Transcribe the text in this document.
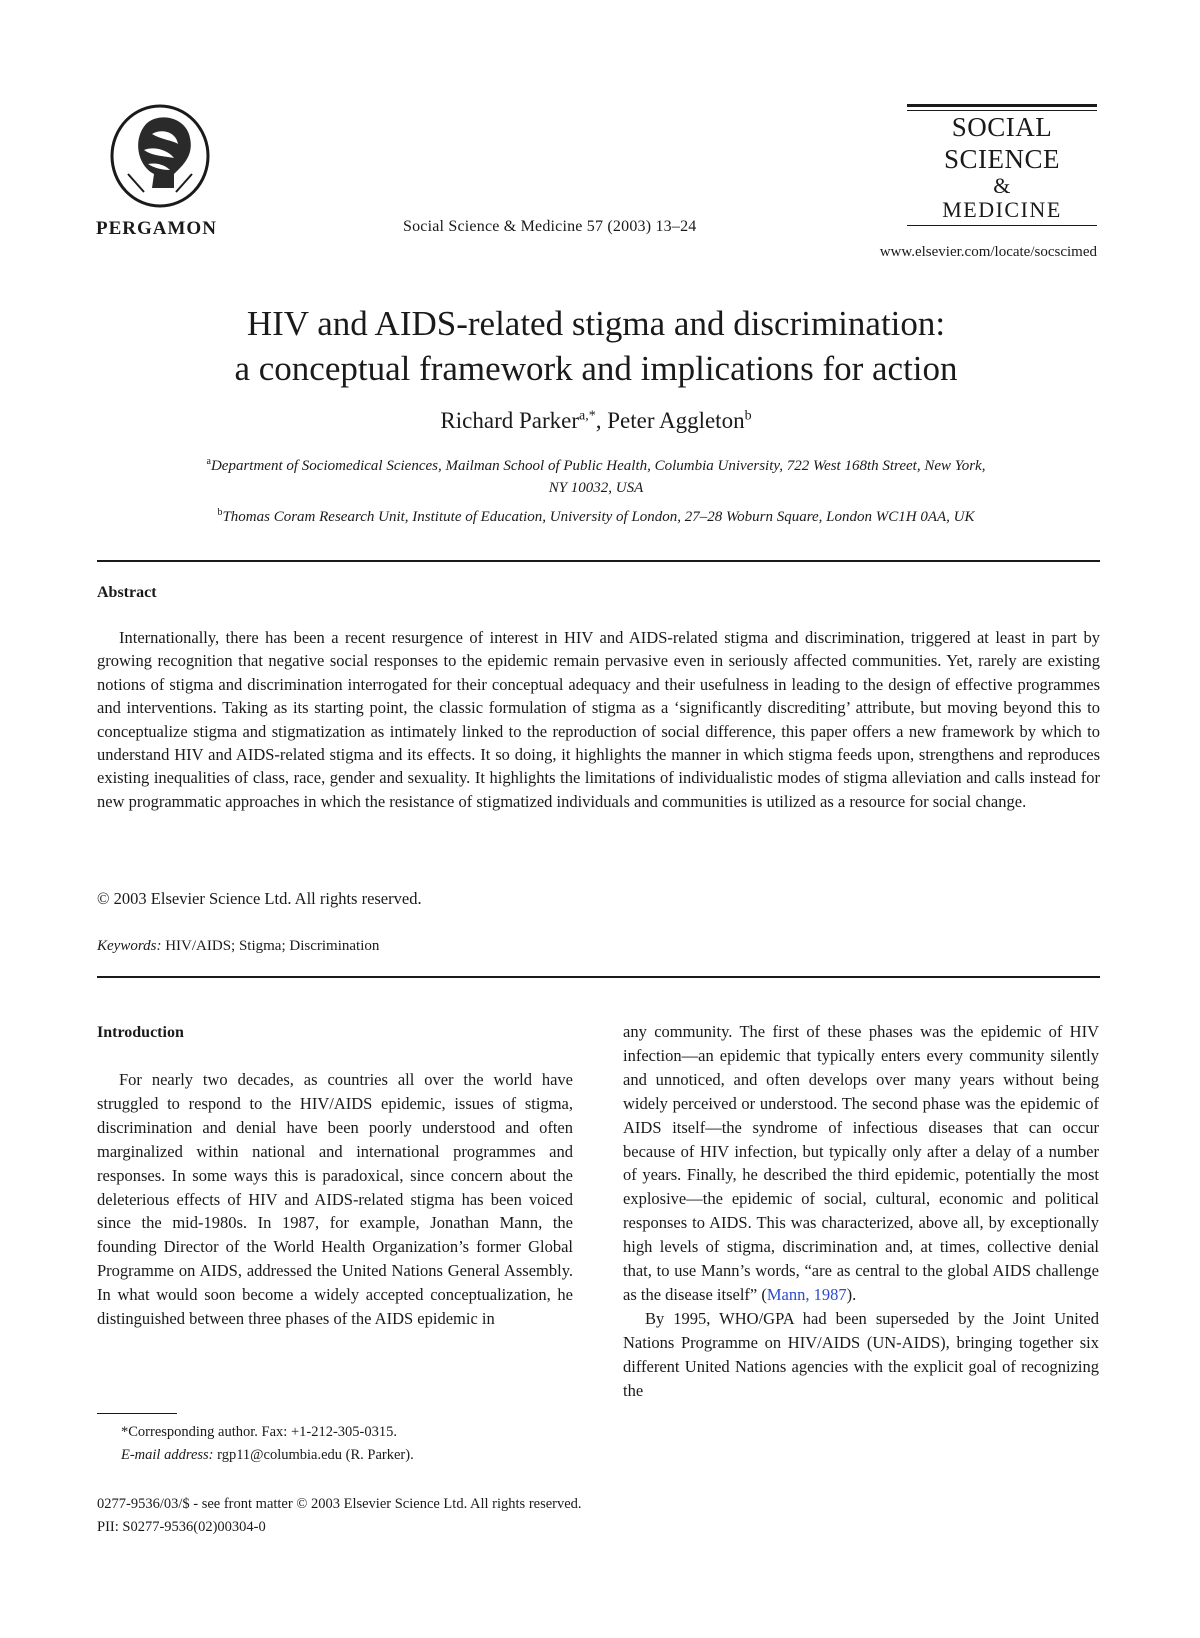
PERGAMON	Social Science & Medicine 57 (2003) 13–24
SOCIAL
SCIENCE
&
MEDICINE
www.elsevier.com/locate/socscimed
HIV and AIDS-related stigma and discrimination:
a conceptual framework and implications for action
Richard Parker$^{a,*}$, Peter Aggleton$^b$
$^a$Department of Sociomedical Sciences, Mailman School of Public Health, Columbia University, 722 West 168th Street, New York,
NY 10032, USA
$^b$Thomas Coram Research Unit, Institute of Education, University of London, 27–28 Woburn Square, London WC1H 0AA, UK
Abstract
Internationally, there has been a recent resurgence of interest in HIV and AIDS-related stigma and discrimination, triggered at least in part by growing recognition that negative social responses to the epidemic remain pervasive even in seriously affected communities. Yet, rarely are existing notions of stigma and discrimination interrogated for their conceptual adequacy and their usefulness in leading to the design of effective programmes and interventions. Taking as its starting point, the classic formulation of stigma as a ‘significantly discrediting’ attribute, but moving beyond this to conceptualize stigma and stigmatization as intimately linked to the reproduction of social difference, this paper offers a new framework by which to understand HIV and AIDS-related stigma and its effects. It so doing, it highlights the manner in which stigma feeds upon, strengthens and reproduces existing inequalities of class, race, gender and sexuality. It highlights the limitations of individualistic modes of stigma alleviation and calls instead for new programmatic approaches in which the resistance of stigmatized individuals and communities is utilized as a resource for social change.
© 2003 Elsevier Science Ltd. All rights reserved.
Keywords: HIV/AIDS; Stigma; Discrimination
Introduction
For nearly two decades, as countries all over the world have struggled to respond to the HIV/AIDS epidemic, issues of stigma, discrimination and denial have been poorly understood and often marginalized within national and international programmes and responses. In some ways this is paradoxical, since concern about the deleterious effects of HIV and AIDS-related stigma has been voiced since the mid-1980s. In 1987, for example, Jonathan Mann, the founding Director of the World Health Organization’s former Global Programme on AIDS, addressed the United Nations General Assembly. In what would soon become a widely accepted conceptualization, he distinguished between three phases of the AIDS epidemic in
any community. The first of these phases was the epidemic of HIV infection—an epidemic that typically enters every community silently and unnoticed, and often develops over many years without being widely perceived or understood. The second phase was the epidemic of AIDS itself—the syndrome of infectious diseases that can occur because of HIV infection, but typically only after a delay of a number of years. Finally, he described the third epidemic, potentially the most explosive—the epidemic of social, cultural, economic and political responses to AIDS. This was characterized, above all, by exceptionally high levels of stigma, discrimination and, at times, collective denial that, to use Mann’s words, “are as central to the global AIDS challenge as the disease itself” (Mann, 1987).
By 1995, WHO/GPA had been superseded by the Joint United Nations Programme on HIV/AIDS (UN-AIDS), bringing together six different United Nations agencies with the explicit goal of recognizing the
*Corresponding author. Fax: +1-212-305-0315.
E-mail address: rgp11@columbia.edu (R. Parker).
0277-9536/03/$ - see front matter © 2003 Elsevier Science Ltd. All rights reserved.
PII: S0277-9536(02)00304-0
